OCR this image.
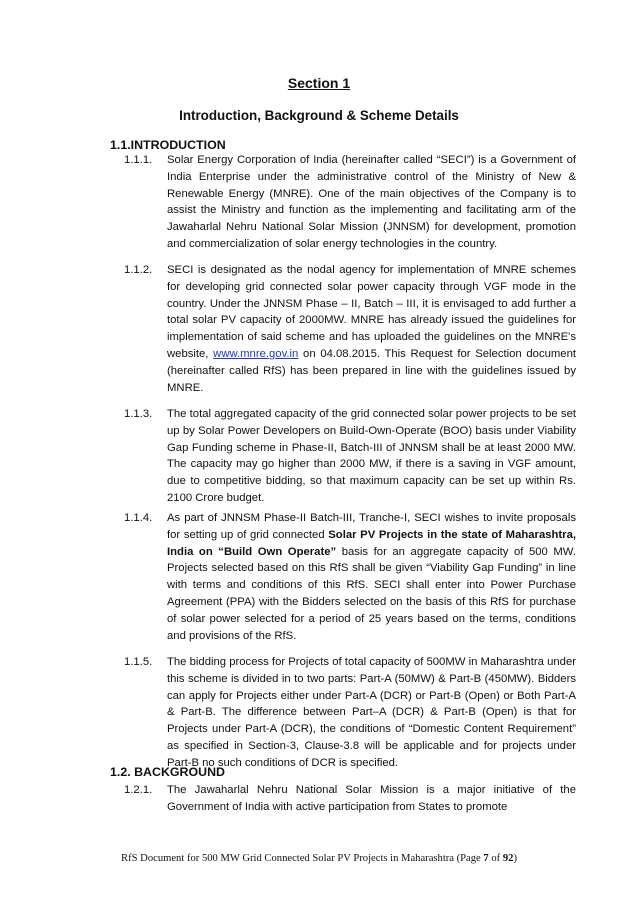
Section 1
Introduction, Background & Scheme Details
1.1.INTRODUCTION
1.1.1. Solar Energy Corporation of India (hereinafter called “SECI”) is a Government of India Enterprise under the administrative control of the Ministry of New & Renewable Energy (MNRE). One of the main objectives of the Company is to assist the Ministry and function as the implementing and facilitating arm of the Jawaharlal Nehru National Solar Mission (JNNSM) for development, promotion and commercialization of solar energy technologies in the country.
1.1.2. SECI is designated as the nodal agency for implementation of MNRE schemes for developing grid connected solar power capacity through VGF mode in the country. Under the JNNSM Phase – II, Batch – III, it is envisaged to add further a total solar PV capacity of 2000MW. MNRE has already issued the guidelines for implementation of said scheme and has uploaded the guidelines on the MNRE's website, www.mnre.gov.in on 04.08.2015. This Request for Selection document (hereinafter called RfS) has been prepared in line with the guidelines issued by MNRE.
1.1.3. The total aggregated capacity of the grid connected solar power projects to be set up by Solar Power Developers on Build-Own-Operate (BOO) basis under Viability Gap Funding scheme in Phase-II, Batch-III of JNNSM shall be at least 2000 MW. The capacity may go higher than 2000 MW, if there is a saving in VGF amount, due to competitive bidding, so that maximum capacity can be set up within Rs. 2100 Crore budget.
1.1.4. As part of JNNSM Phase-II Batch-III, Tranche-I, SECI wishes to invite proposals for setting up of grid connected Solar PV Projects in the state of Maharashtra, India on “Build Own Operate” basis for an aggregate capacity of 500 MW. Projects selected based on this RfS shall be given “Viability Gap Funding” in line with terms and conditions of this RfS. SECI shall enter into Power Purchase Agreement (PPA) with the Bidders selected on the basis of this RfS for purchase of solar power selected for a period of 25 years based on the terms, conditions and provisions of the RfS.
1.1.5. The bidding process for Projects of total capacity of 500MW in Maharashtra under this scheme is divided in to two parts: Part-A (50MW) & Part-B (450MW). Bidders can apply for Projects either under Part-A (DCR) or Part-B (Open) or Both Part-A & Part-B. The difference between Part–A (DCR) & Part-B (Open) is that for Projects under Part-A (DCR), the conditions of “Domestic Content Requirement” as specified in Section-3, Clause-3.8 will be applicable and for projects under Part-B no such conditions of DCR is specified.
1.2. BACKGROUND
1.2.1. The Jawaharlal Nehru National Solar Mission is a major initiative of the Government of India with active participation from States to promote
RfS Document for 500 MW Grid Connected Solar PV Projects in Maharashtra (Page 7 of 92)
